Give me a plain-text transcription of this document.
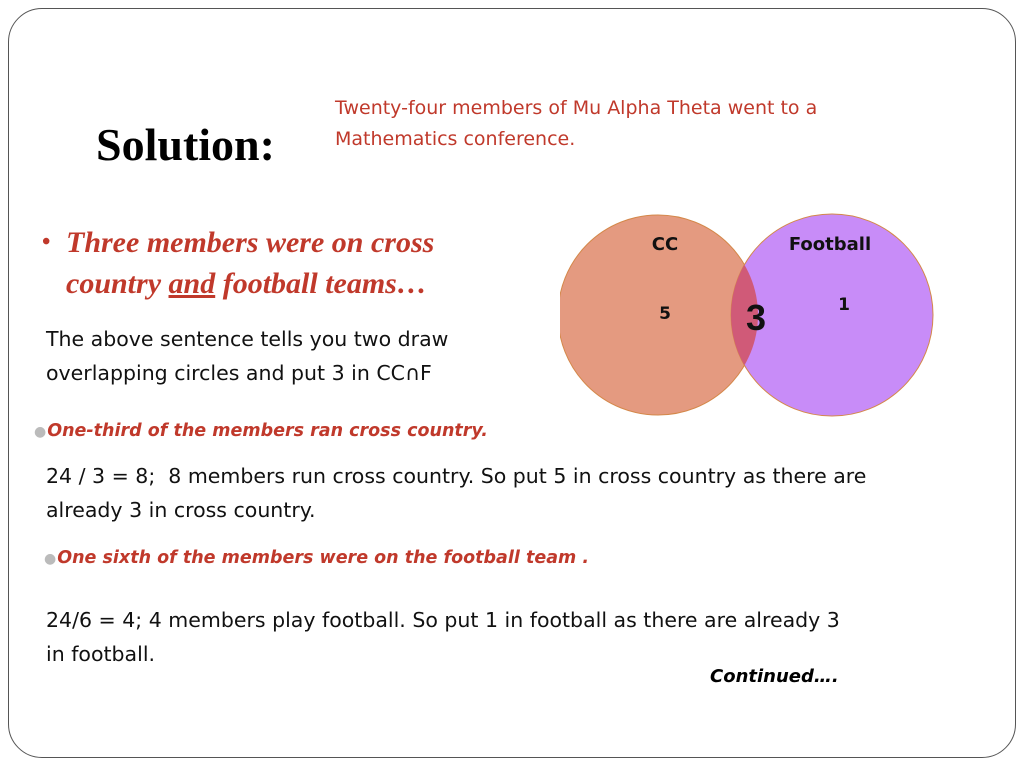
Twenty-four members of Mu Alpha Theta went to a
Mathematics conference.
Solution:
• Three members were on cross
country and football teams…
The above sentence tells you two draw
overlapping circles and put 3 in CC∩F
●One-third of the members ran cross country.
24 / 3 = 8;  8 members run cross country. So put 5 in cross country as there are
already 3 in cross country.
●One sixth of the members were on the football team .
24/6 = 4; 4 members play football. So put 1 in football as there are already 3
in football.
Continued….
CC	Football
5 3	1
